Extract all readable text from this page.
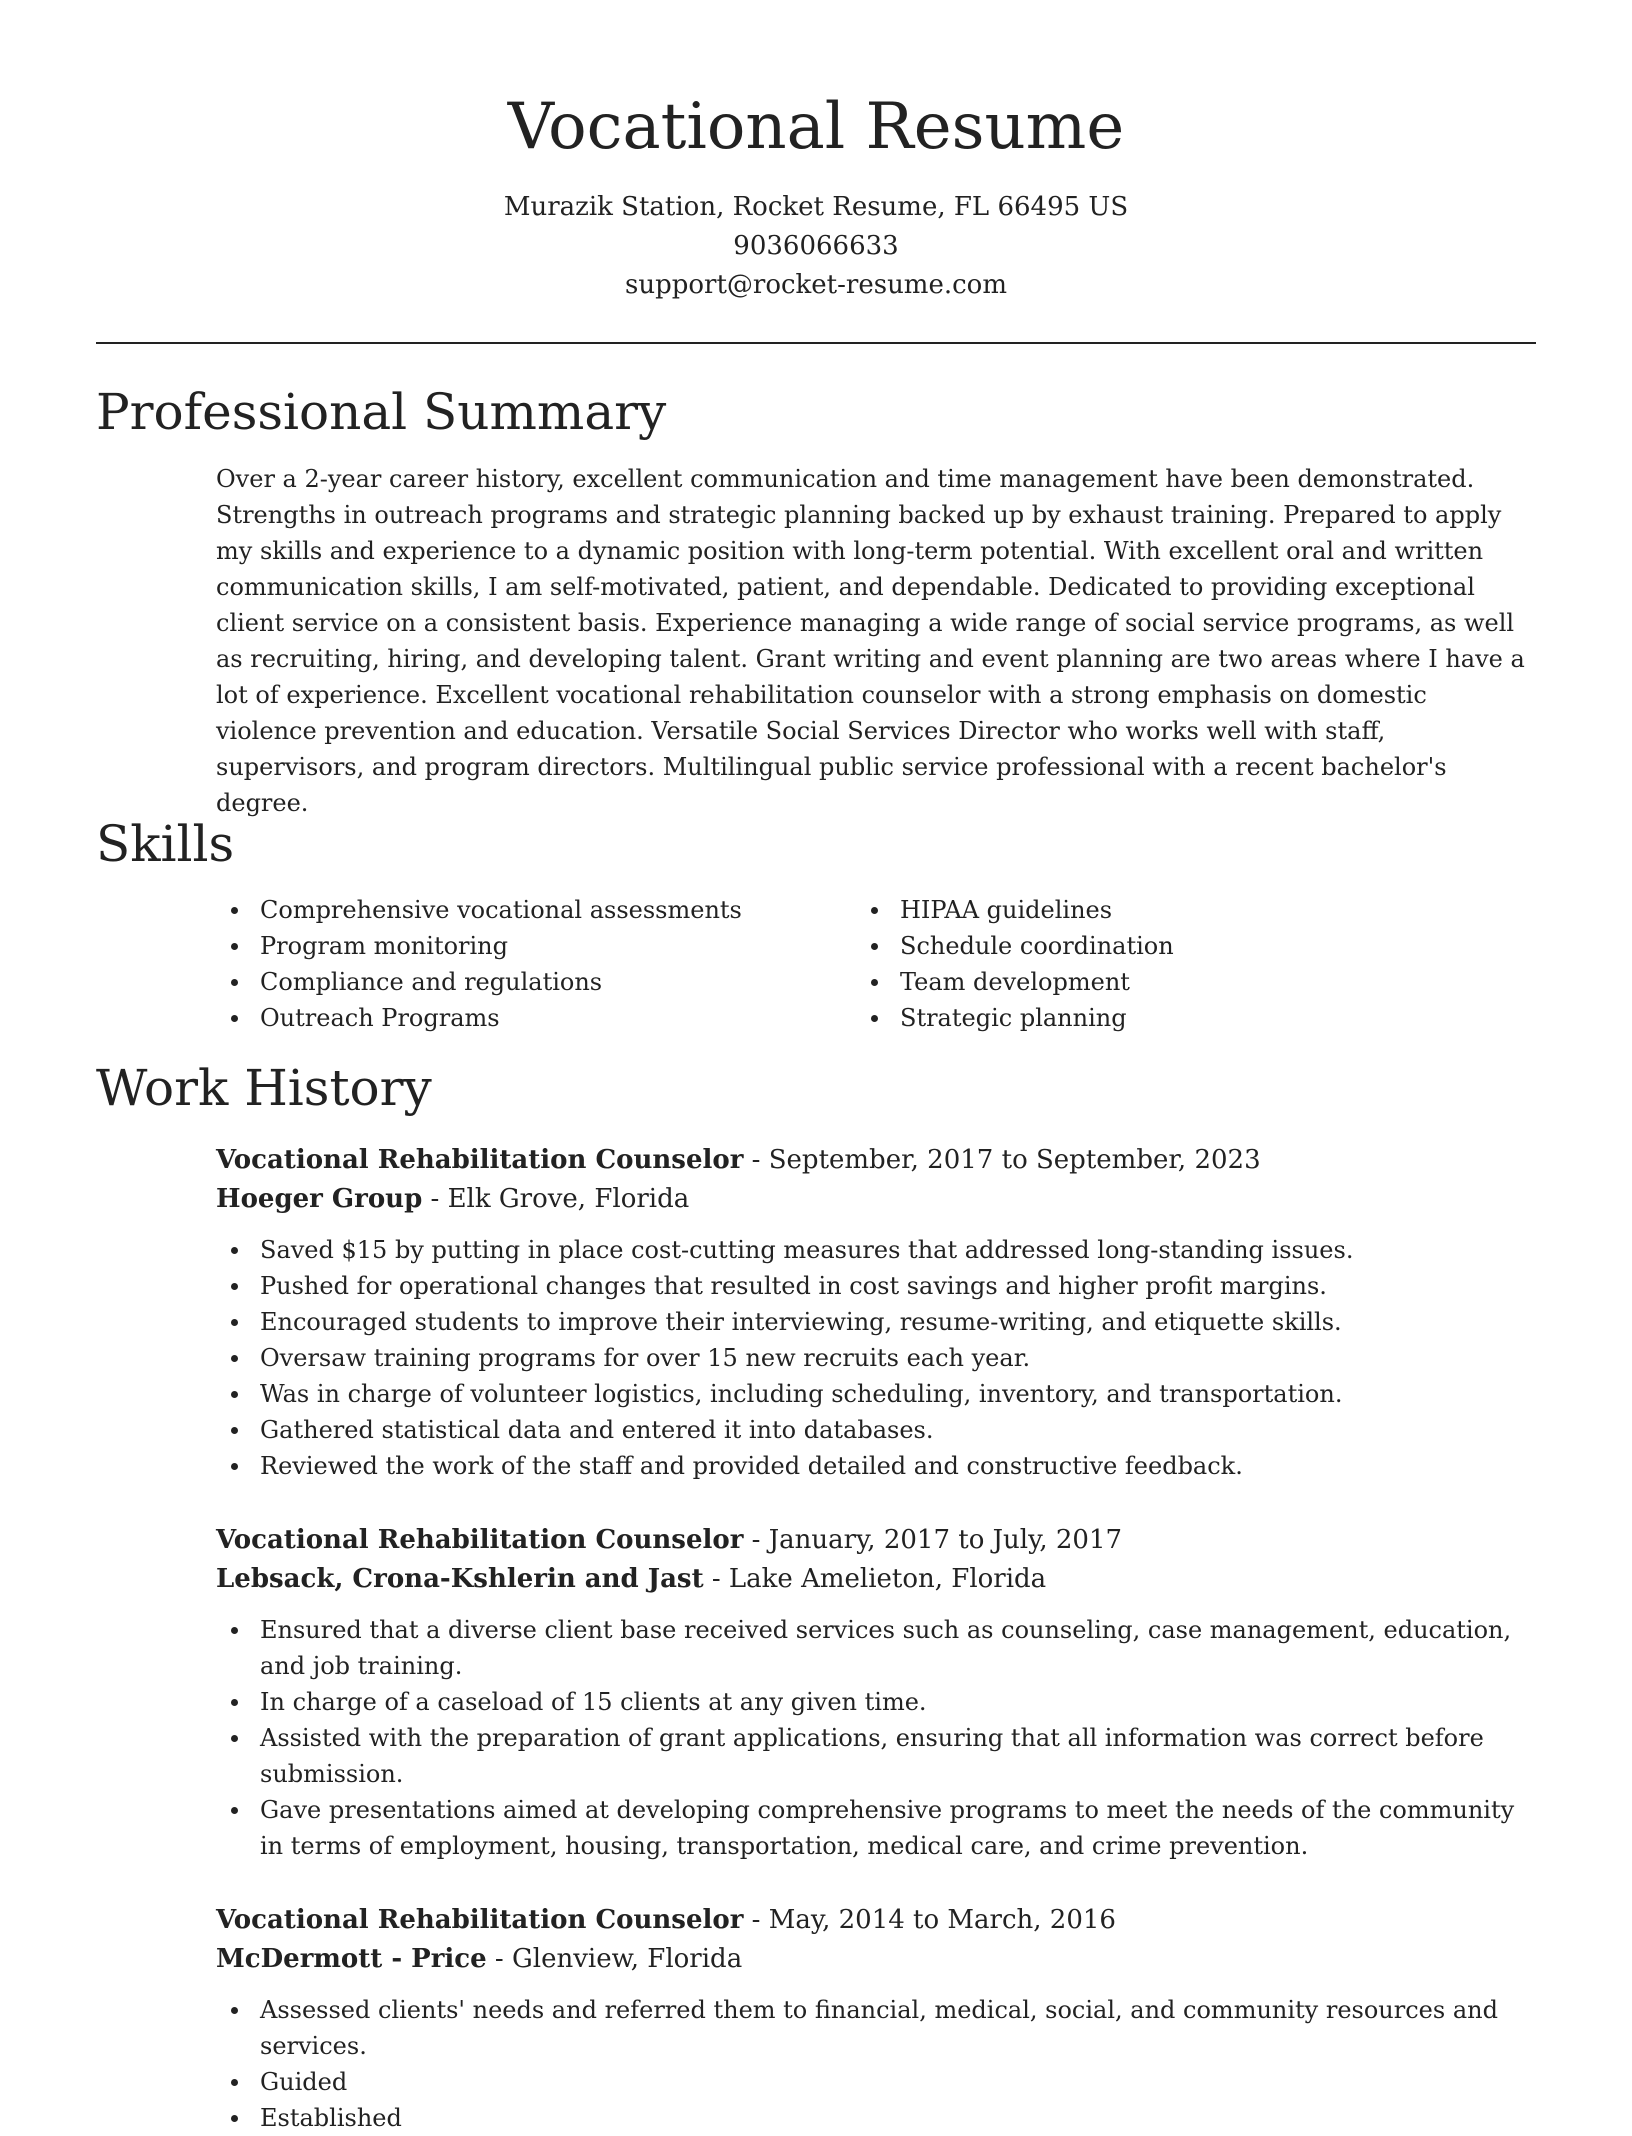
Vocational Resume
Murazik Station, Rocket Resume, FL 66495 US
9036066633
support@rocket-resume.com
Professional Summary

Over a 2-year career history, excellent communication and time management have been demonstrated. Strengths in outreach programs and strategic planning backed up by exhaust training. Prepared to apply my skills and experience to a dynamic position with long-term potential. With excellent oral and written communication skills, I am self-motivated, patient, and dependable. Dedicated to providing exceptional client service on a consistent basis. Experience managing a wide range of social service programs, as well as recruiting, hiring, and developing talent. Grant writing and event planning are two areas where I have a lot of experience. Excellent vocational rehabilitation counselor with a strong emphasis on domestic violence prevention and education. Versatile Social Services Director who works well with staff, supervisors, and program directors. Multilingual public service professional with a recent bachelor's degree.

Skills
Comprehensive vocational assessments
Program monitoring
Compliance and regulations
Outreach Programs
HIPAA guidelines
Schedule coordination
Team development
Strategic planning
Work History
Vocational Rehabilitation Counselor - September, 2017 to September, 2023
Hoeger Group - Elk Grove, Florida
Saved $15 by putting in place cost-cutting measures that addressed long-standing issues.
Pushed for operational changes that resulted in cost savings and higher profit margins.
Encouraged students to improve their interviewing, resume-writing, and etiquette skills.
Oversaw training programs for over 15 new recruits each year.
Was in charge of volunteer logistics, including scheduling, inventory, and transportation.
Gathered statistical data and entered it into databases.
Reviewed the work of the staff and provided detailed and constructive feedback.
Vocational Rehabilitation Counselor - January, 2017 to July, 2017
Lebsack, Crona-Kshlerin and Jast - Lake Amelieton, Florida
Ensured that a diverse client base received services such as counseling, case management, education, and job training.
In charge of a caseload of 15 clients at any given time.
Assisted with the preparation of grant applications, ensuring that all information was correct before submission.
Gave presentations aimed at developing comprehensive programs to meet the needs of the community in terms of employment, housing, transportation, medical care, and crime prevention.
Vocational Rehabilitation Counselor - May, 2014 to March, 2016
McDermott - Price - Glenview, Florida
Assessed clients' needs and referred them to financial, medical, social, and community resources and services.
Guided
Established
